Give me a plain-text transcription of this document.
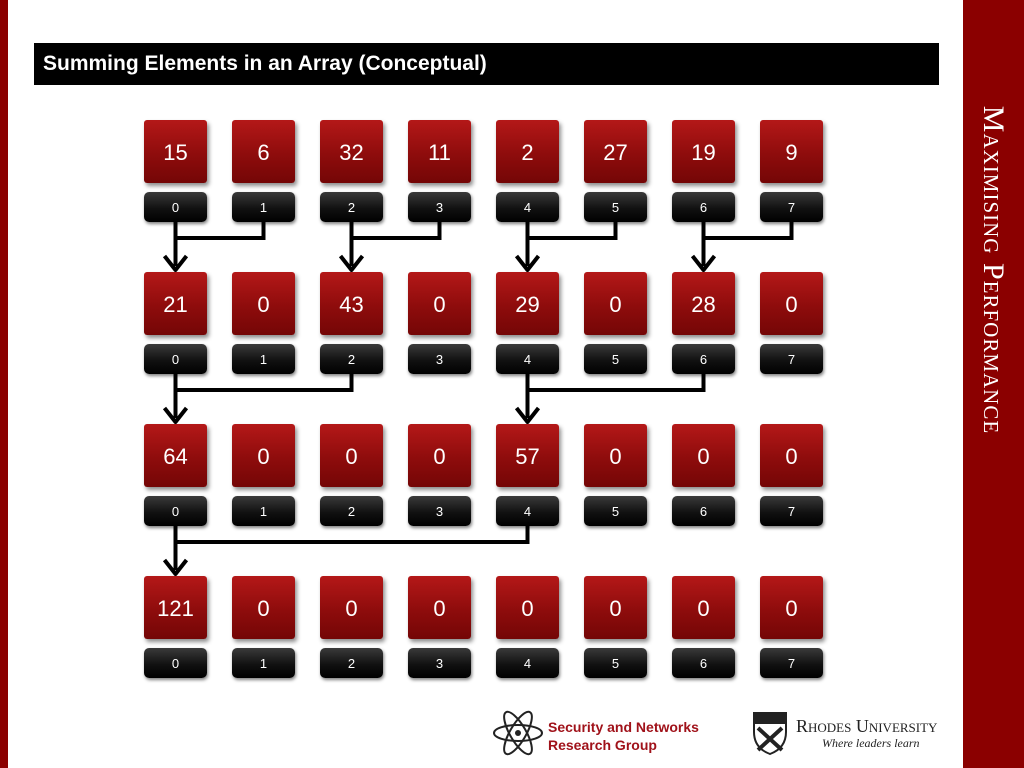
Maximising Performance
Summing Elements in an Array (Conceptual)
15
0
6
1
32
2
11
3
2
4
27
5
19
6
9
7
21
0
0
1
43
2
0
3
29
4
0
5
28
6
0
7
64
0
0
1
0
2
0
3
57
4
0
5
0
6
0
7
121
0
0
1
0
2
0
3
0
4
0
5
0
6
0
7
Security and Networks
Research Group
Rhodes University
Where leaders learn
